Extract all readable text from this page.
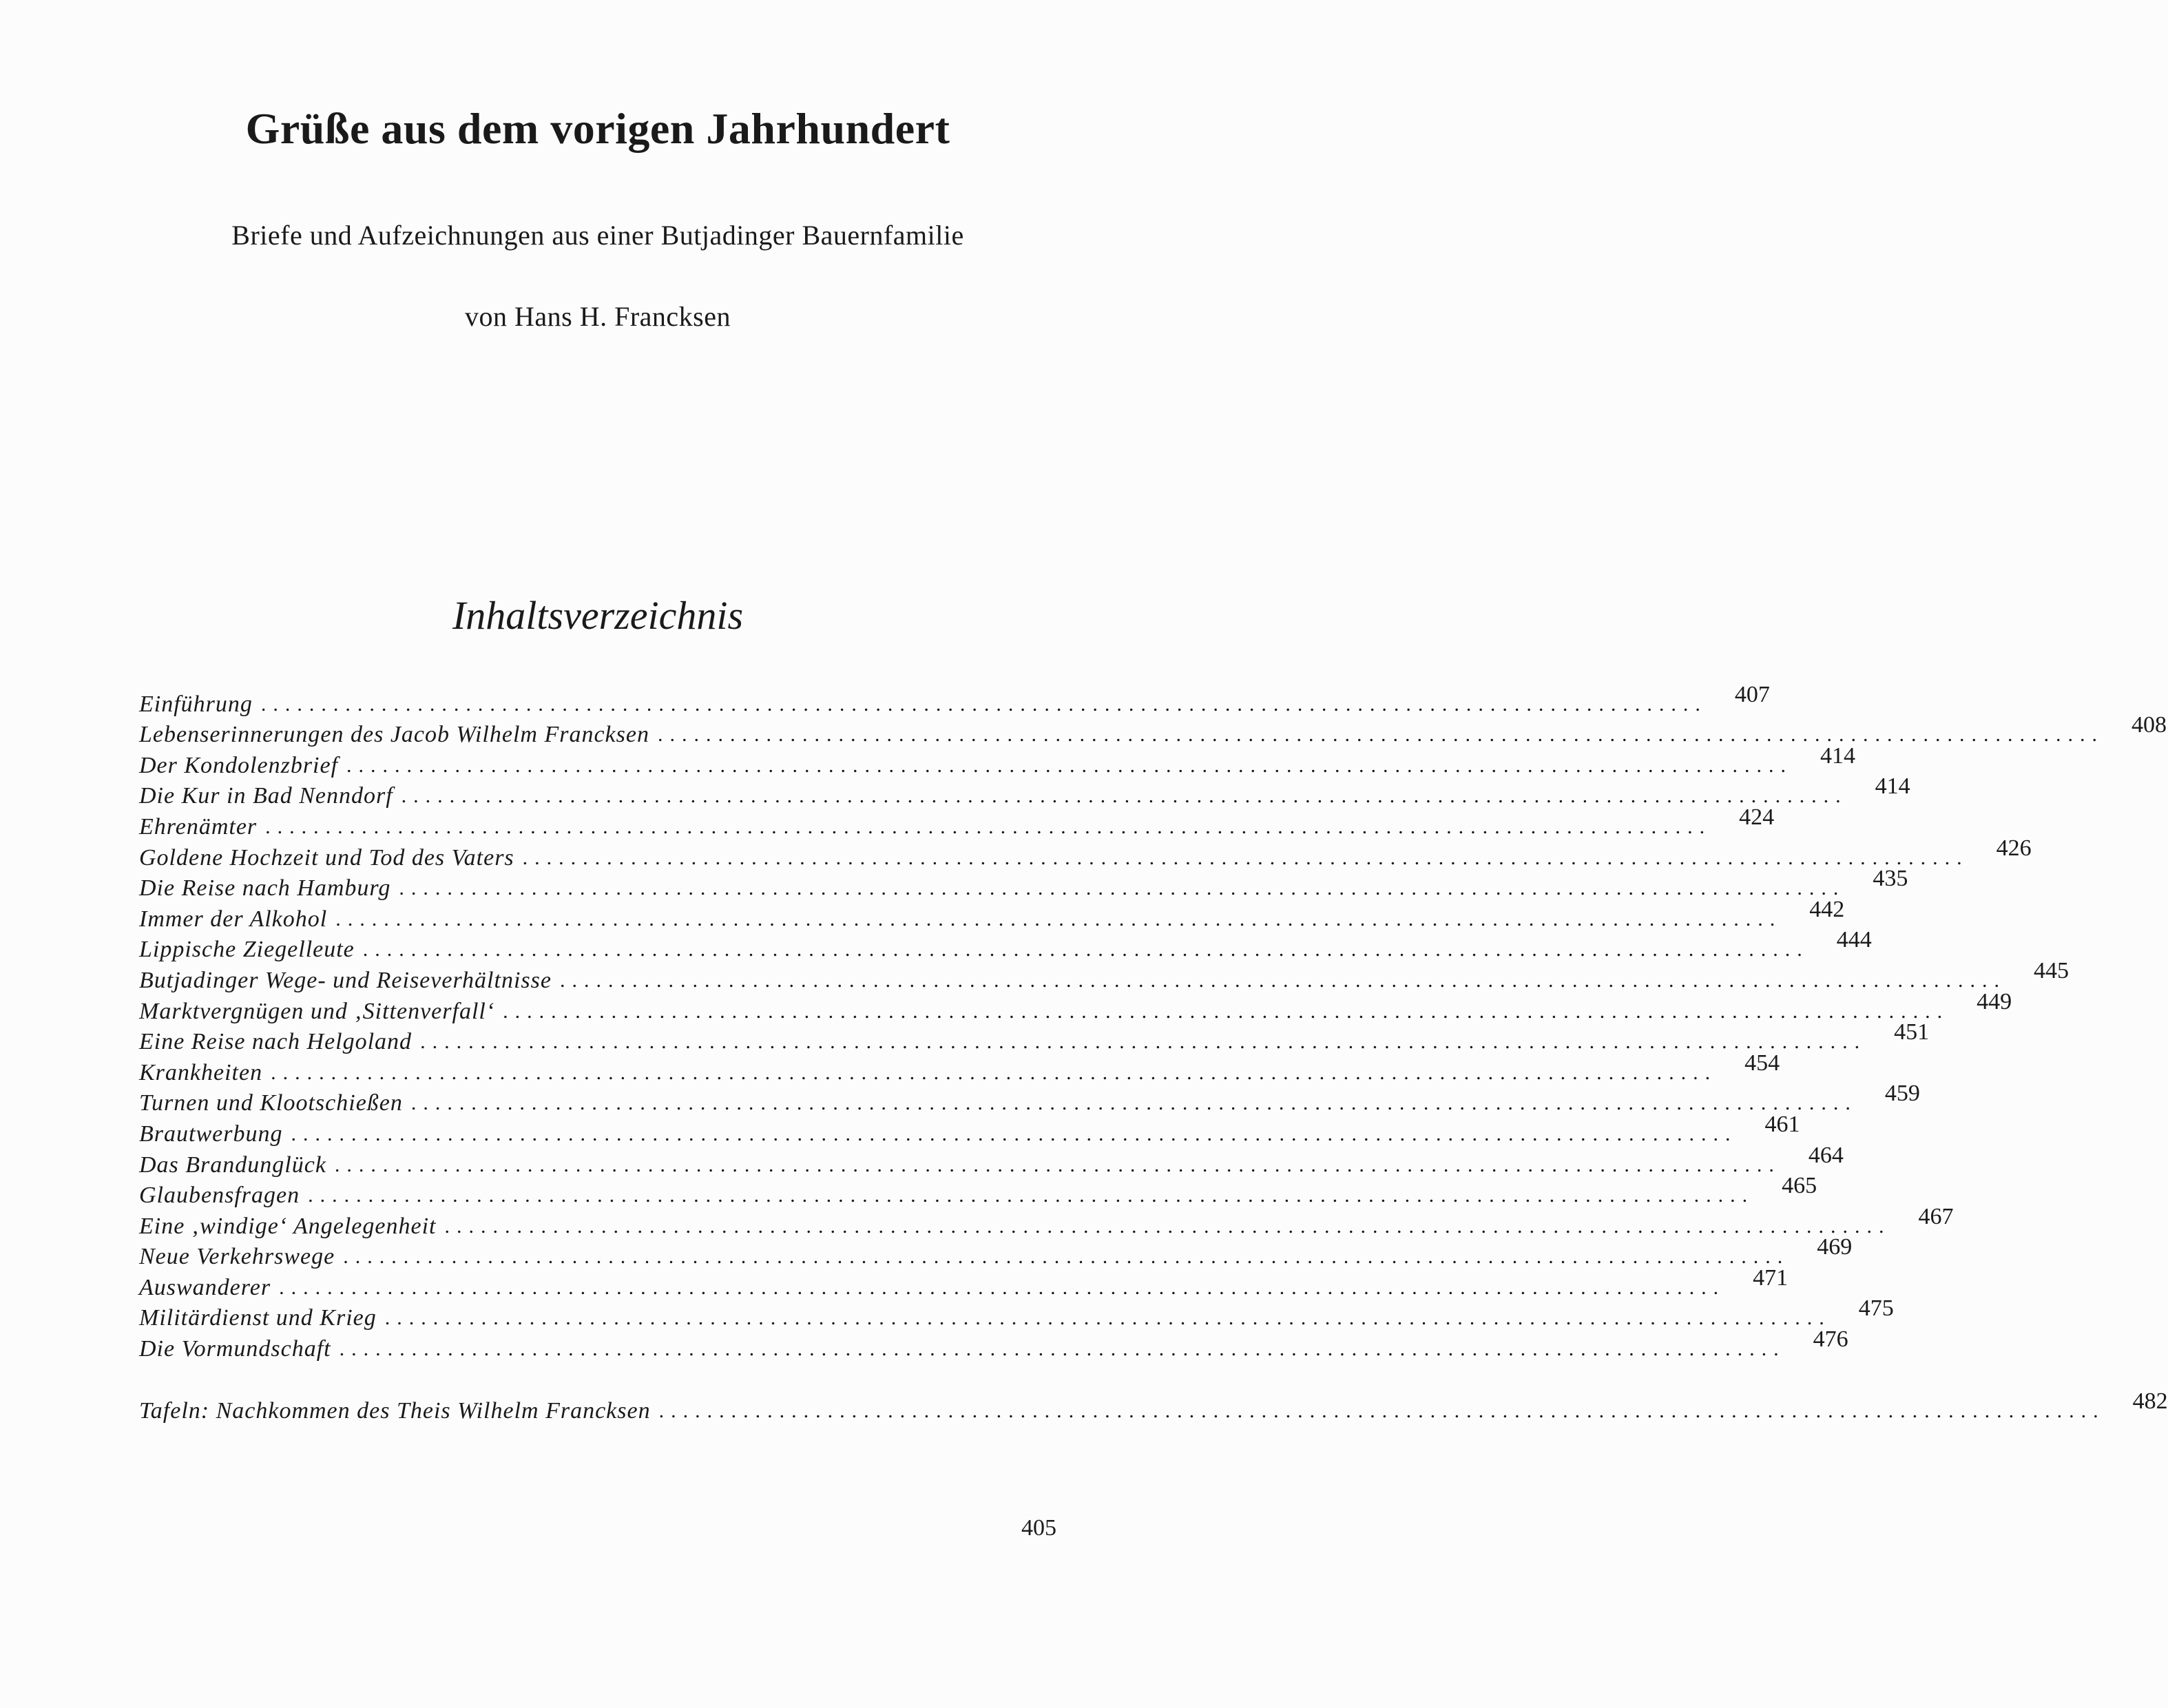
Grüße aus dem vorigen Jahrhundert
Briefe und Aufzeichnungen aus einer Butjadinger Bauernfamilie
von Hans H. Francksen
Inhaltsverzeichnis
Einführung ........................................................................................................................ 407
Lebenserinnerungen des Jacob Wilhelm Francksen ........................................................................................................................ 408
Der Kondolenzbrief ........................................................................................................................ 414
Die Kur in Bad Nenndorf ........................................................................................................................ 414
Ehrenämter ........................................................................................................................ 424
Goldene Hochzeit und Tod des Vaters ........................................................................................................................ 426
Die Reise nach Hamburg ........................................................................................................................ 435
Immer der Alkohol ........................................................................................................................ 442
Lippische Ziegelleute ........................................................................................................................ 444
Butjadinger Wege- und Reiseverhältnisse ........................................................................................................................ 445
Marktvergnügen und ‚Sittenverfall‘ ........................................................................................................................ 449
Eine Reise nach Helgoland ........................................................................................................................ 451
Krankheiten ........................................................................................................................ 454
Turnen und Klootschießen ........................................................................................................................ 459
Brautwerbung ........................................................................................................................ 461
Das Brandunglück ........................................................................................................................ 464
Glaubensfragen ........................................................................................................................ 465
Eine ‚windige‘ Angelegenheit ........................................................................................................................ 467
Neue Verkehrswege ........................................................................................................................ 469
Auswanderer ........................................................................................................................ 471
Militärdienst und Krieg ........................................................................................................................ 475
Die Vormundschaft ........................................................................................................................ 476
Tafeln: Nachkommen des Theis Wilhelm Francksen ........................................................................................................................ 482
405
